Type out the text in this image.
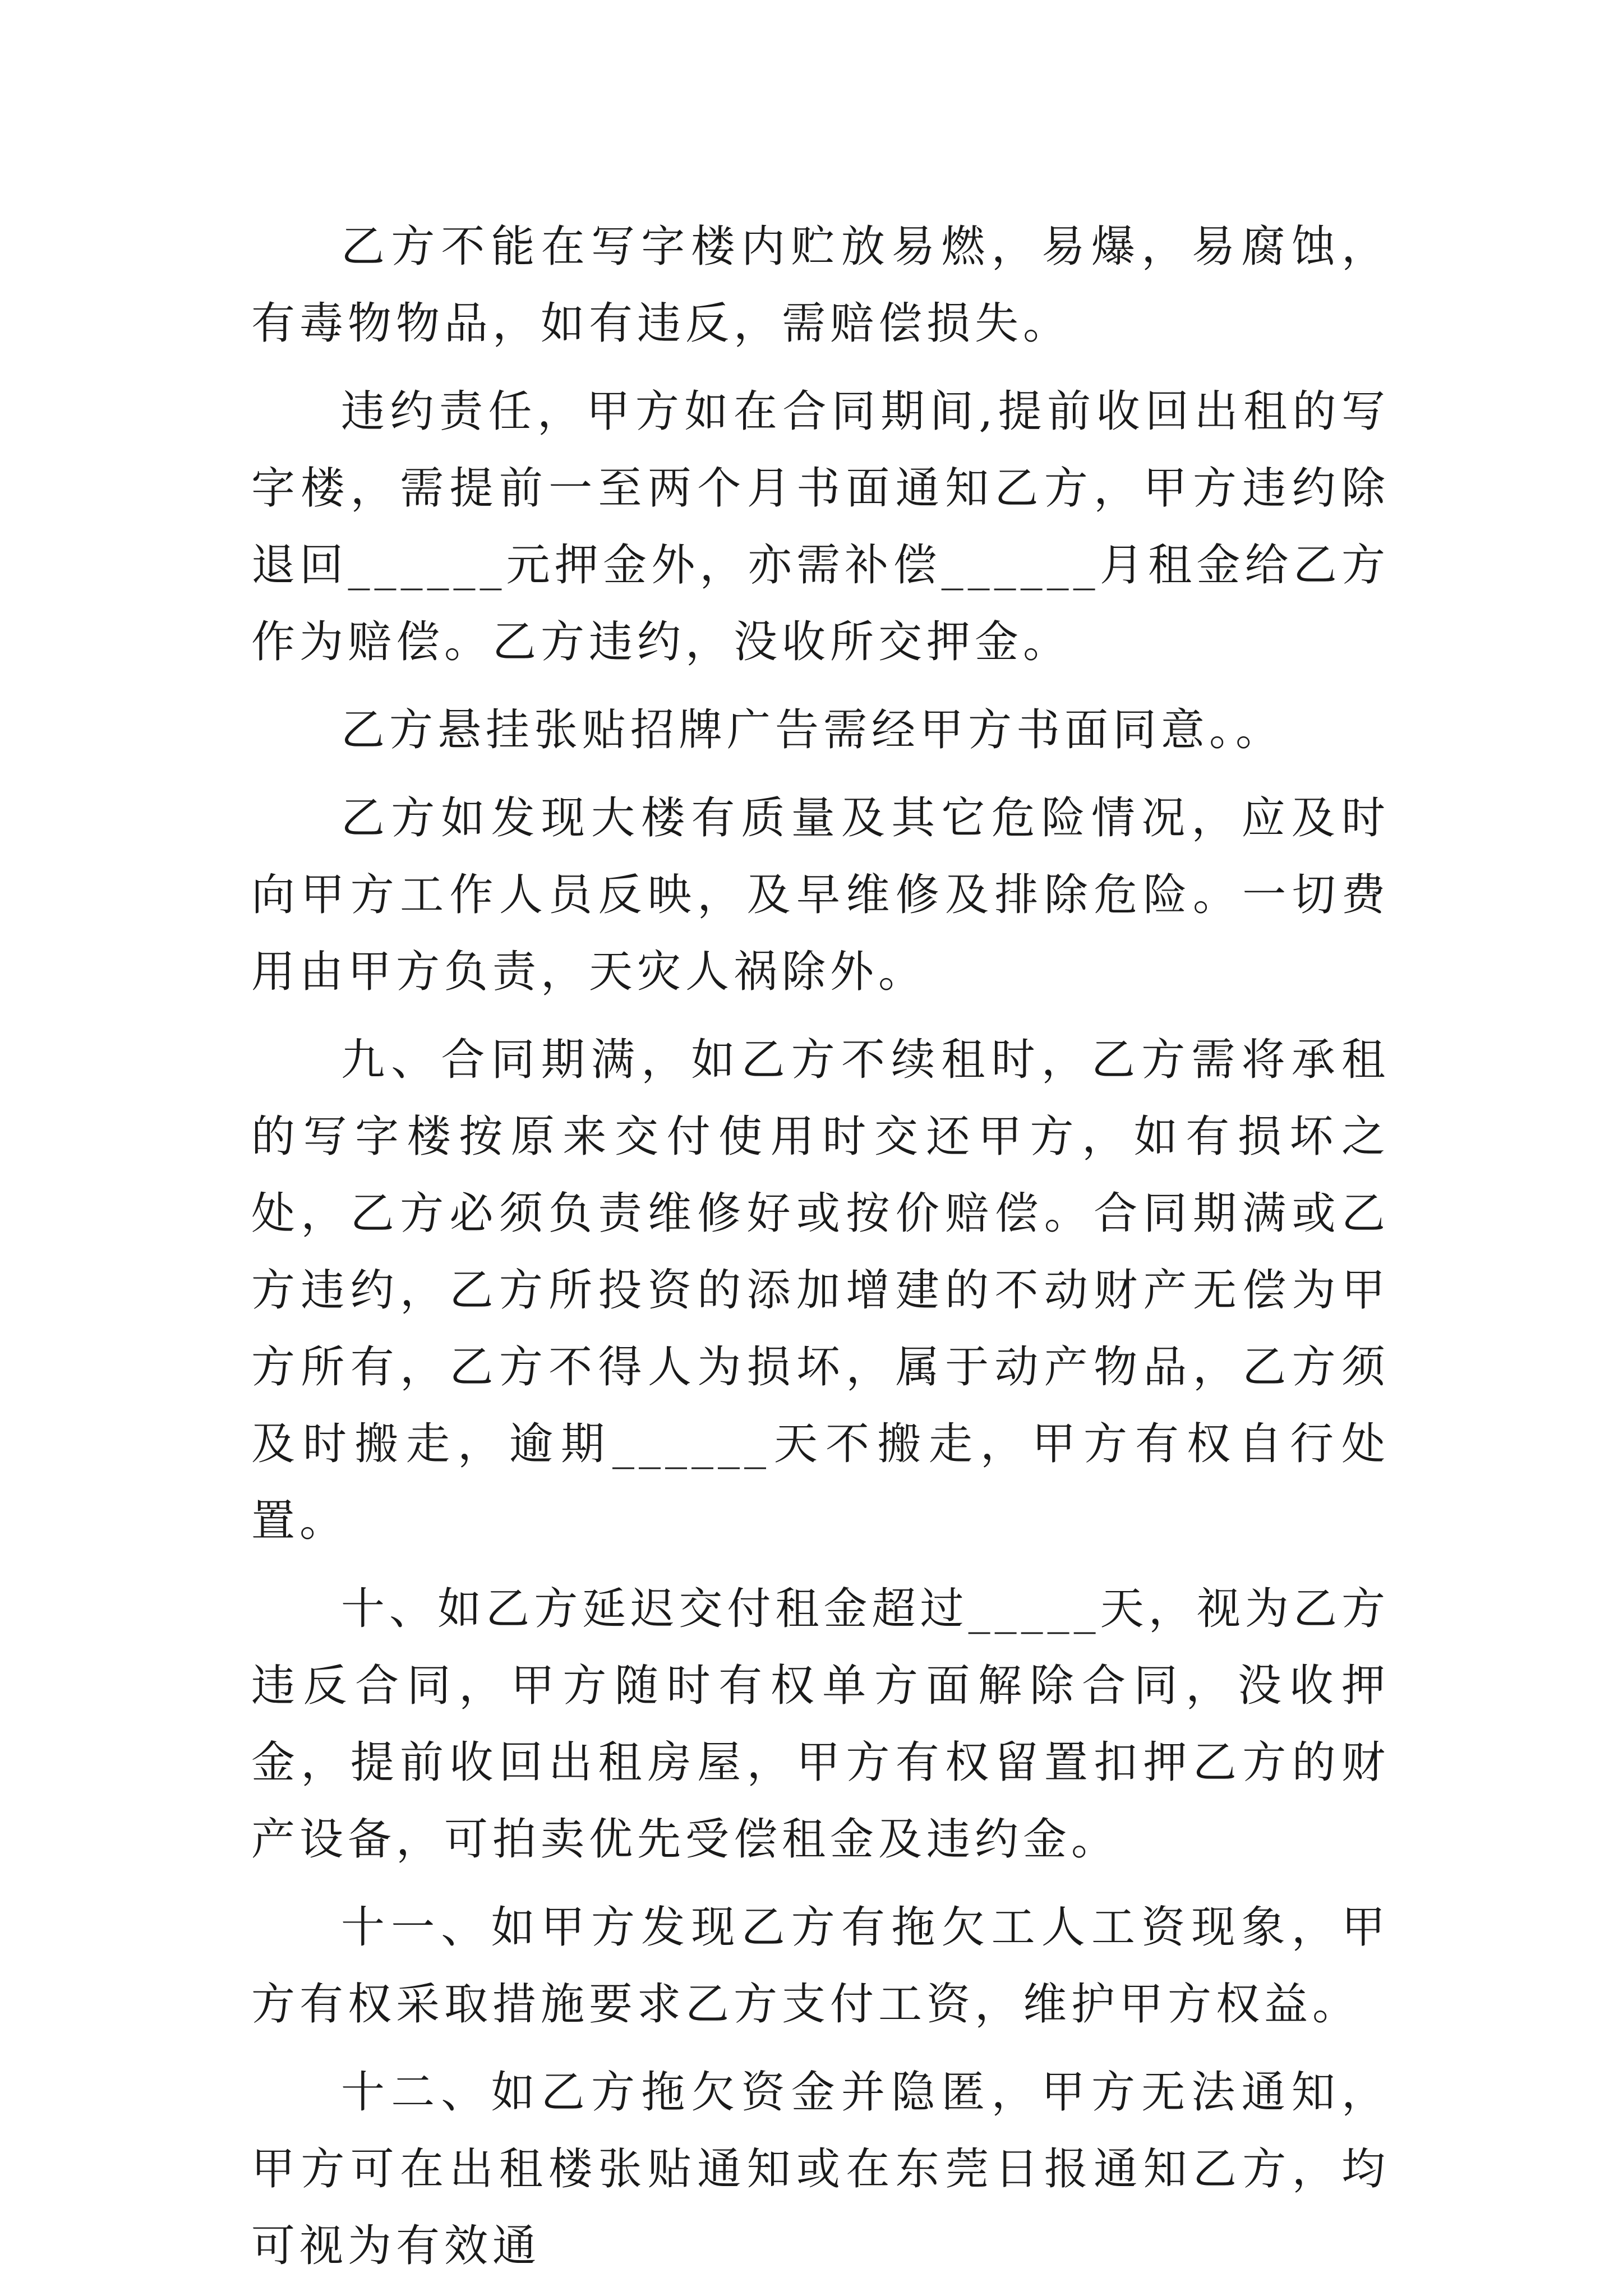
乙方不能在写字楼内贮放易燃，易爆，易腐蚀，有毒物物品，如有违反，需赔偿损失。

违约责任，甲方如在合同期间,提前收回出租的写字楼，需提前一至两个月书面通知乙方，甲方违约除退回______元押金外，亦需补偿______月租金给乙方作为赔偿。乙方违约，没收所交押金。

乙方悬挂张贴招牌广告需经甲方书面同意。。

乙方如发现大楼有质量及其它危险情况，应及时向甲方工作人员反映，及早维修及排除危险。一切费用由甲方负责，天灾人祸除外。

九、合同期满，如乙方不续租时，乙方需将承租的写字楼按原来交付使用时交还甲方，如有损坏之处，乙方必须负责维修好或按价赔偿。合同期满或乙方违约，乙方所投资的添加增建的不动财产无偿为甲方所有，乙方不得人为损坏，属于动产物品，乙方须及时搬走，逾期______天不搬走，甲方有权自行处置。

十、如乙方延迟交付租金超过_____天，视为乙方违反合同，甲方随时有权单方面解除合同，没收押金，提前收回出租房屋，甲方有权留置扣押乙方的财产设备，可拍卖优先受偿租金及违约金。

十一、如甲方发现乙方有拖欠工人工资现象，甲方有权采取措施要求乙方支付工资，维护甲方权益。

十二、如乙方拖欠资金并隐匿，甲方无法通知，甲方可在出租楼张贴通知或在东莞日报通知乙方，均可视为有效通
